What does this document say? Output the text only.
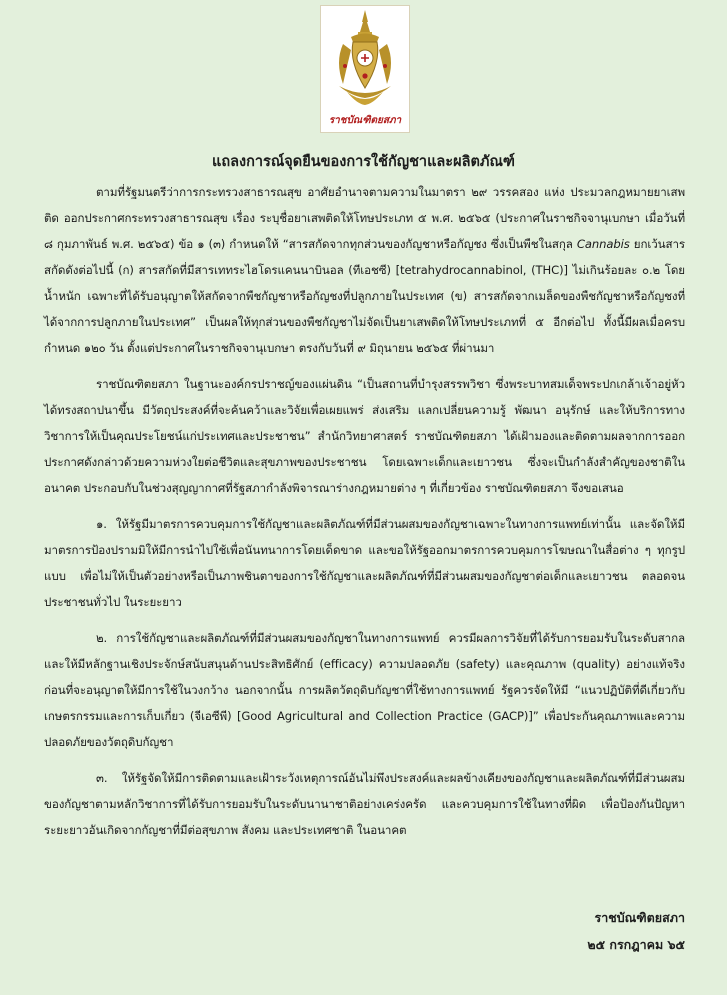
ราชบัณฑิตยสภา
แถลงการณ์จุดยืนของการใช้กัญชาและผลิตภัณฑ์

ตามที่รัฐมนตรีว่าการกระทรวงสาธารณสุข อาศัยอำนาจตามความในมาตรา ๒๙ วรรคสอง แห่ง ประมวลกฎหมายยาเสพติด ออกประกาศกระทรวงสาธารณสุข เรื่อง ระบุชื่อยาเสพติดให้โทษประเภท ๕ พ.ศ. ๒๕๖๕ (ประกาศในราชกิจจานุเบกษา เมื่อวันที่ ๘ กุมภาพันธ์ พ.ศ. ๒๕๖๕) ข้อ ๑ (๓) กำหนดให้ “สารสกัดจากทุกส่วนของกัญชาหรือกัญชง ซึ่งเป็นพืชในสกุล Cannabis ยกเว้นสารสกัดดังต่อไปนี้ (ก) สารสกัดที่มีสารเททระไฮโดรแคนนาบินอล (ทีเอชซี) [tetrahydrocannabinol, (THC)] ไม่เกินร้อยละ ๐.๒ โดยน้ำหนัก เฉพาะที่ได้รับอนุญาตให้สกัดจากพืชกัญชาหรือกัญชงที่ปลูกภายในประเทศ (ข) สารสกัดจากเมล็ดของพืชกัญชาหรือกัญชงที่ได้จากการปลูกภายในประเทศ” เป็นผลให้ทุกส่วนของพืชกัญชาไม่จัดเป็นยาเสพติดให้โทษประเภทที่ ๕ อีกต่อไป ทั้งนี้มีผลเมื่อครบกำหนด ๑๒๐ วัน ตั้งแต่ประกาศในราชกิจจานุเบกษา ตรงกับวันที่ ๙ มิถุนายน ๒๕๖๕ ที่ผ่านมา

ราชบัณฑิตยสภา ในฐานะองค์กรปราชญ์ของแผ่นดิน “เป็นสถานที่บำรุงสรรพวิชา ซึ่งพระบาทสมเด็จพระปกเกล้าเจ้าอยู่หัวได้ทรงสถาปนาขึ้น มีวัตถุประสงค์ที่จะค้นคว้าและวิจัยเพื่อเผยแพร่ ส่งเสริม แลกเปลี่ยนความรู้ พัฒนา อนุรักษ์ และให้บริการทางวิชาการให้เป็นคุณประโยชน์แก่ประเทศและประชาชน” สำนักวิทยาศาสตร์ ราชบัณฑิตยสภา ได้เฝ้ามองและติดตามผลจากการออกประกาศดังกล่าวด้วยความห่วงใยต่อชีวิตและสุขภาพของประชาชน โดยเฉพาะเด็กและเยาวชน ซึ่งจะเป็นกำลังสำคัญของชาติในอนาคต ประกอบกับในช่วงสุญญากาศที่รัฐสภากำลังพิจารณาร่างกฎหมายต่าง ๆ ที่เกี่ยวข้อง ราชบัณฑิตยสภา จึงขอเสนอ

๑. ให้รัฐมีมาตรการควบคุมการใช้กัญชาและผลิตภัณฑ์ที่มีส่วนผสมของกัญชาเฉพาะในทางการแพทย์เท่านั้น และจัดให้มีมาตรการป้องปรามมิให้มีการนำไปใช้เพื่อนันทนาการโดยเด็ดขาด และขอให้รัฐออกมาตรการควบคุมการโฆษณาในสื่อต่าง ๆ ทุกรูปแบบ เพื่อไม่ให้เป็นตัวอย่างหรือเป็นภาพชินตาของการใช้กัญชาและผลิตภัณฑ์ที่มีส่วนผสมของกัญชาต่อเด็กและเยาวชน ตลอดจนประชาชนทั่วไป ในระยะยาว

๒. การใช้กัญชาและผลิตภัณฑ์ที่มีส่วนผสมของกัญชาในทางการแพทย์ ควรมีผลการวิจัยที่ได้รับการยอมรับในระดับสากล และให้มีหลักฐานเชิงประจักษ์สนับสนุนด้านประสิทธิศักย์ (efficacy) ความปลอดภัย (safety) และคุณภาพ (quality) อย่างแท้จริง ก่อนที่จะอนุญาตให้มีการใช้ในวงกว้าง นอกจากนั้น การผลิตวัตถุดิบกัญชาที่ใช้ทางการแพทย์ รัฐควรจัดให้มี “แนวปฏิบัติที่ดีเกี่ยวกับเกษตรกรรมและการเก็บเกี่ยว (จีเอซีพี) [Good Agricultural and Collection Practice (GACP)]” เพื่อประกันคุณภาพและความปลอดภัยของวัตถุดิบกัญชา

๓. ให้รัฐจัดให้มีการติดตามและเฝ้าระวังเหตุการณ์อันไม่พึงประสงค์และผลข้างเคียงของกัญชาและผลิตภัณฑ์ที่มีส่วนผสมของกัญชาตามหลักวิชาการที่ได้รับการยอมรับในระดับนานาชาติอย่างเคร่งครัด และควบคุมการใช้ในทางที่ผิด เพื่อป้องกันปัญหาระยะยาวอันเกิดจากกัญชาที่มีต่อสุขภาพ สังคม และประเทศชาติ ในอนาคต

ราชบัณฑิตยสภา
๒๕ กรกฎาคม ๖๕
